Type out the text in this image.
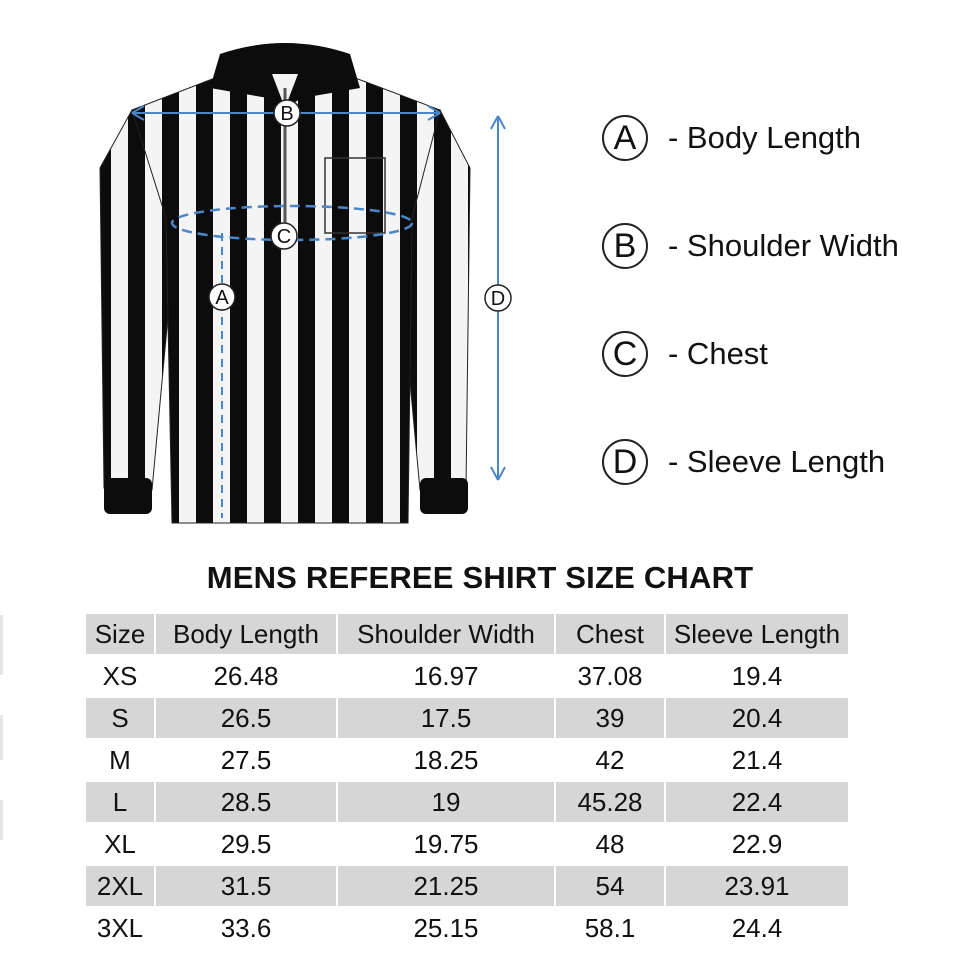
B
C
A	D
A	- Body Length
B	- Shoulder Width
C - Chest
D - Sleeve Length
MENS REFEREE SHIRT SIZE CHART
Size	Body Length	Shoulder Width	Chest	Sleeve Length
XS	26.48	16.97	37.08	19.4
S	26.5	17.5	39	20.4
M	27.5	18.25	42	21.4
L	28.5	19	45.28	22.4
XL	29.5	19.75	48	22.9
2XL	31.5	21.25	54	23.91
3XL	33.6	25.15	58.1	24.4
